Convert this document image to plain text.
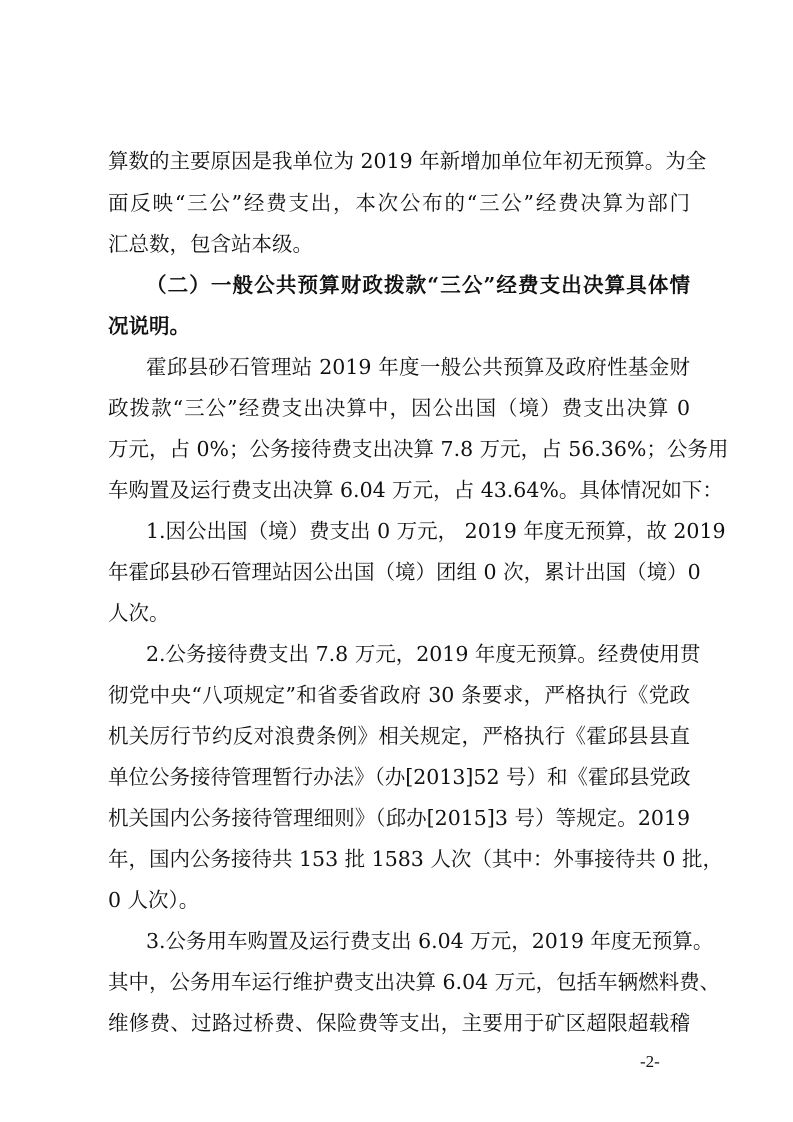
算数的主要原因是我单位为 2019 年新增加单位年初无预算。为全
面反映“三公”经费支出，本次公布的“三公”经费决算为部门
汇总数，包含站本级。
（二）一般公共预算财政拨款“三公”经费支出决算具体情
况说明。
霍邱县砂石管理站 2019 年度一般公共预算及政府性基金财
政拨款“三公”经费支出决算中，因公出国（境）费支出决算 0
万元，占 0%；公务接待费支出决算 7.8 万元，占 56.36%；公务用
车购置及运行费支出决算 6.04 万元，占 43.64%。具体情况如下：
1.因公出国（境）费支出 0 万元， 2019 年度无预算，故 2019
年霍邱县砂石管理站因公出国（境）团组 0 次，累计出国（境）0
人次。
2.公务接待费支出 7.8 万元，2019 年度无预算。经费使用贯
彻党中央“八项规定”和省委省政府 30 条要求，严格执行《党政
机关厉行节约反对浪费条例》相关规定，严格执行《霍邱县县直
单位公务接待管理暂行办法》（办[2013]52 号）和《霍邱县党政
机关国内公务接待管理细则》（邱办[2015]3 号）等规定。2019
年，国内公务接待共 153 批 1583 人次（其中：外事接待共 0 批，
0 人次）。
3.公务用车购置及运行费支出 6.04 万元，2019 年度无预算。
其中，公务用车运行维护费支出决算 6.04 万元，包括车辆燃料费、
维修费、过路过桥费、保险费等支出，主要用于矿区超限超载稽
-2-
